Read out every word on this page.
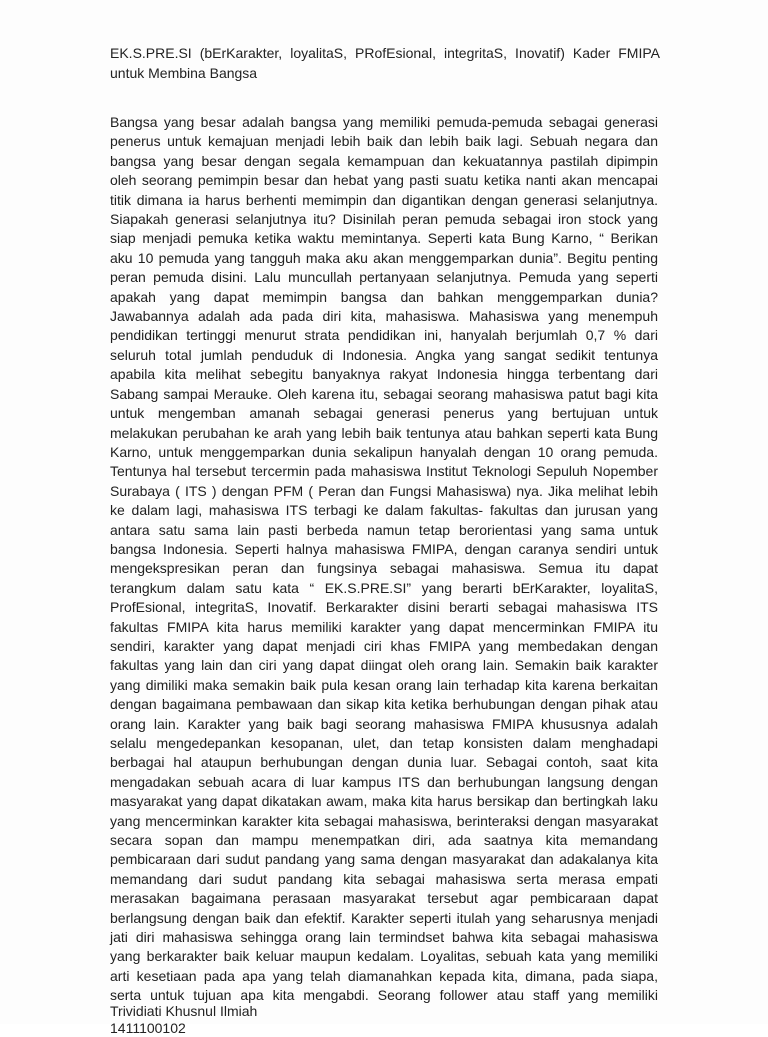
EK.S.PRE.SI (bErKarakter, loyalitaS, PRofEsional, integritaS, Inovatif) Kader FMIPA untuk Membina Bangsa
Bangsa yang besar adalah bangsa yang memiliki pemuda-pemuda sebagai generasi
penerus untuk kemajuan menjadi lebih baik dan lebih baik lagi. Sebuah negara dan
bangsa yang besar dengan segala kemampuan dan kekuatannya pastilah dipimpin
oleh seorang pemimpin besar dan hebat yang pasti suatu ketika nanti akan mencapai
titik dimana ia harus berhenti memimpin dan digantikan dengan generasi selanjutnya.
Siapakah generasi selanjutnya itu? Disinilah peran pemuda sebagai iron stock yang
siap menjadi pemuka ketika waktu memintanya. Seperti kata Bung Karno, “ Berikan
aku 10 pemuda yang tangguh maka aku akan menggemparkan dunia”. Begitu penting
peran pemuda disini. Lalu muncullah pertanyaan selanjutnya. Pemuda yang seperti
apakah yang dapat memimpin bangsa dan bahkan menggemparkan dunia?
Jawabannya adalah ada pada diri kita, mahasiswa. Mahasiswa yang menempuh
pendidikan tertinggi menurut strata pendidikan ini, hanyalah berjumlah 0,7 % dari
seluruh total jumlah penduduk di Indonesia. Angka yang sangat sedikit tentunya
apabila kita melihat sebegitu banyaknya rakyat Indonesia hingga terbentang dari
Sabang sampai Merauke. Oleh karena itu, sebagai seorang mahasiswa patut bagi kita
untuk mengemban amanah sebagai generasi penerus yang bertujuan untuk
melakukan perubahan ke arah yang lebih baik tentunya atau bahkan seperti kata Bung
Karno, untuk menggemparkan dunia sekalipun hanyalah dengan 10 orang pemuda.
Tentunya hal tersebut tercermin pada mahasiswa Institut Teknologi Sepuluh Nopember
Surabaya ( ITS ) dengan PFM ( Peran dan Fungsi Mahasiswa) nya. Jika melihat lebih
ke dalam lagi, mahasiswa ITS terbagi ke dalam fakultas- fakultas dan jurusan yang
antara satu sama lain pasti berbeda namun tetap berorientasi yang sama untuk
bangsa Indonesia. Seperti halnya mahasiswa FMIPA, dengan caranya sendiri untuk
mengekspresikan peran dan fungsinya sebagai mahasiswa. Semua itu dapat
terangkum dalam satu kata “ EK.S.PRE.SI” yang berarti bErKarakter, loyalitaS,
ProfEsional, integritaS, Inovatif. Berkarakter disini berarti sebagai mahasiswa ITS
fakultas FMIPA kita harus memiliki karakter yang dapat mencerminkan FMIPA itu
sendiri, karakter yang dapat menjadi ciri khas FMIPA yang membedakan dengan
fakultas yang lain dan ciri yang dapat diingat oleh orang lain. Semakin baik karakter
yang dimiliki maka semakin baik pula kesan orang lain terhadap kita karena berkaitan
dengan bagaimana pembawaan dan sikap kita ketika berhubungan dengan pihak atau
orang lain. Karakter yang baik bagi seorang mahasiswa FMIPA khususnya adalah
selalu mengedepankan kesopanan, ulet, dan tetap konsisten dalam menghadapi
berbagai hal ataupun berhubungan dengan dunia luar. Sebagai contoh, saat kita
mengadakan sebuah acara di luar kampus ITS dan berhubungan langsung dengan
masyarakat yang dapat dikatakan awam, maka kita harus bersikap dan bertingkah laku
yang mencerminkan karakter kita sebagai mahasiswa, berinteraksi dengan masyarakat
secara sopan dan mampu menempatkan diri, ada saatnya kita memandang
pembicaraan dari sudut pandang yang sama dengan masyarakat dan adakalanya kita
memandang dari sudut pandang kita sebagai mahasiswa serta merasa empati
merasakan bagaimana perasaan masyarakat tersebut agar pembicaraan dapat
berlangsung dengan baik dan efektif. Karakter seperti itulah yang seharusnya menjadi
jati diri mahasiswa sehingga orang lain termindset bahwa kita sebagai mahasiswa
yang berkarakter baik keluar maupun kedalam. Loyalitas, sebuah kata yang memiliki
arti kesetiaan pada apa yang telah diamanahkan kepada kita, dimana, pada siapa,
serta untuk tujuan apa kita mengabdi. Seorang follower atau staff yang memiliki
Trividiati Khusnul Ilmiah
1411100102
